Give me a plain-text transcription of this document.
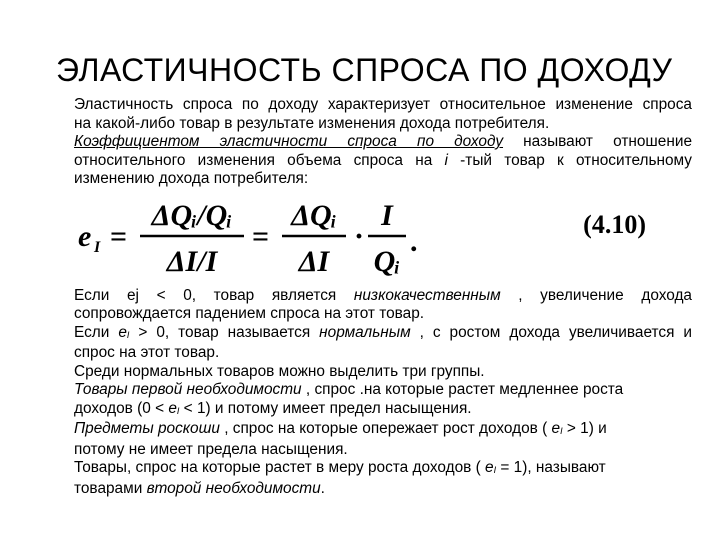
ЭЛАСТИЧНОСТЬ СПРОСА ПО ДОХОДУ

Эластичность спроса по доходу характеризует относительное изменение спроса

на какой-либо товар в результате изменения дохода потребителя.

Коэффициентом эластичности спроса по доходу называют отношение

относительного изменения объема спроса на i -тый товар к относительному

изменению дохода потребителя:

e I =
ΔQᵢ/Qᵢ
ΔI/I
=
ΔQᵢ
ΔI
·
I
Qᵢ
.
(4.10)

Если ej < 0, товар является низкокачественным , увеличение дохода

сопровождается падением спроса на этот товар.

Если eI > 0, товар называется нормальным , с ростом дохода увеличивается и

спрос на этот товар.

Среди нормальных товаров можно выделить три группы.

Товары первой необходимости , спрос .на которые растет медленнее роста

доходов (0 < eI < 1) и потому имеет предел насыщения.

Предметы роскоши , спрос на которые опережает рост доходов ( eI > 1) и

потому не имеет предела насыщения.

Товары, спрос на которые растет в меру роста доходов ( eI = 1), называют

товарами второй необходимости.
